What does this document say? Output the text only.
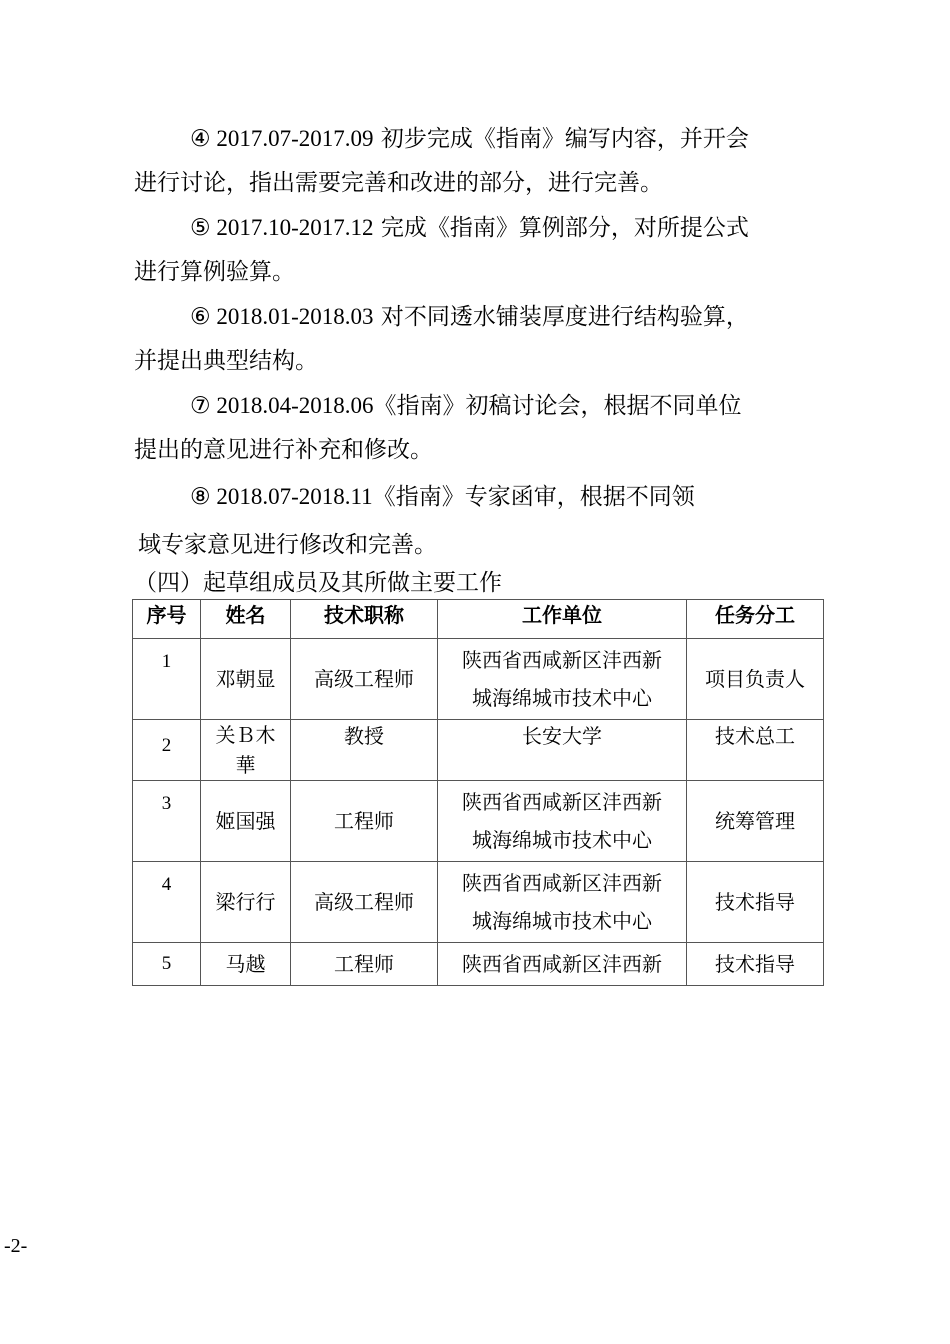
④ 2017.07-2017.09 初步完成《指南》编写内容，并开会
进行讨论，指出需要完善和改进的部分，进行完善。

⑤ 2017.10-2017.12 完成《指南》算例部分，对所提公式
进行算例验算。

⑥ 2018.01-2018.03 对不同透水铺装厚度进行结构验算，
并提出典型结构。

⑦ 2018.04-2018.06《指南》初稿讨论会，根据不同单位
提出的意见进行补充和修改。

⑧ 2018.07-2018.11《指南》专家函审，根据不同领
域专家意见进行修改和完善。

（四）起草组成员及其所做主要工作
序号	姓名	技术职称	工作单位	任务分工
1	邓朝显	高级工程师	陕西省西咸新区沣西新
城海绵城市技术中心	项目负责人
2	关Ｂ木
華	教授	长安大学	技术总工
3	姬国强	工程师	陕西省西咸新区沣西新
城海绵城市技术中心	统筹管理
4	梁行行	高级工程师	陕西省西咸新区沣西新
城海绵城市技术中心	技术指导
5	马越	工程师	陕西省西咸新区沣西新	技术指导
-2-
